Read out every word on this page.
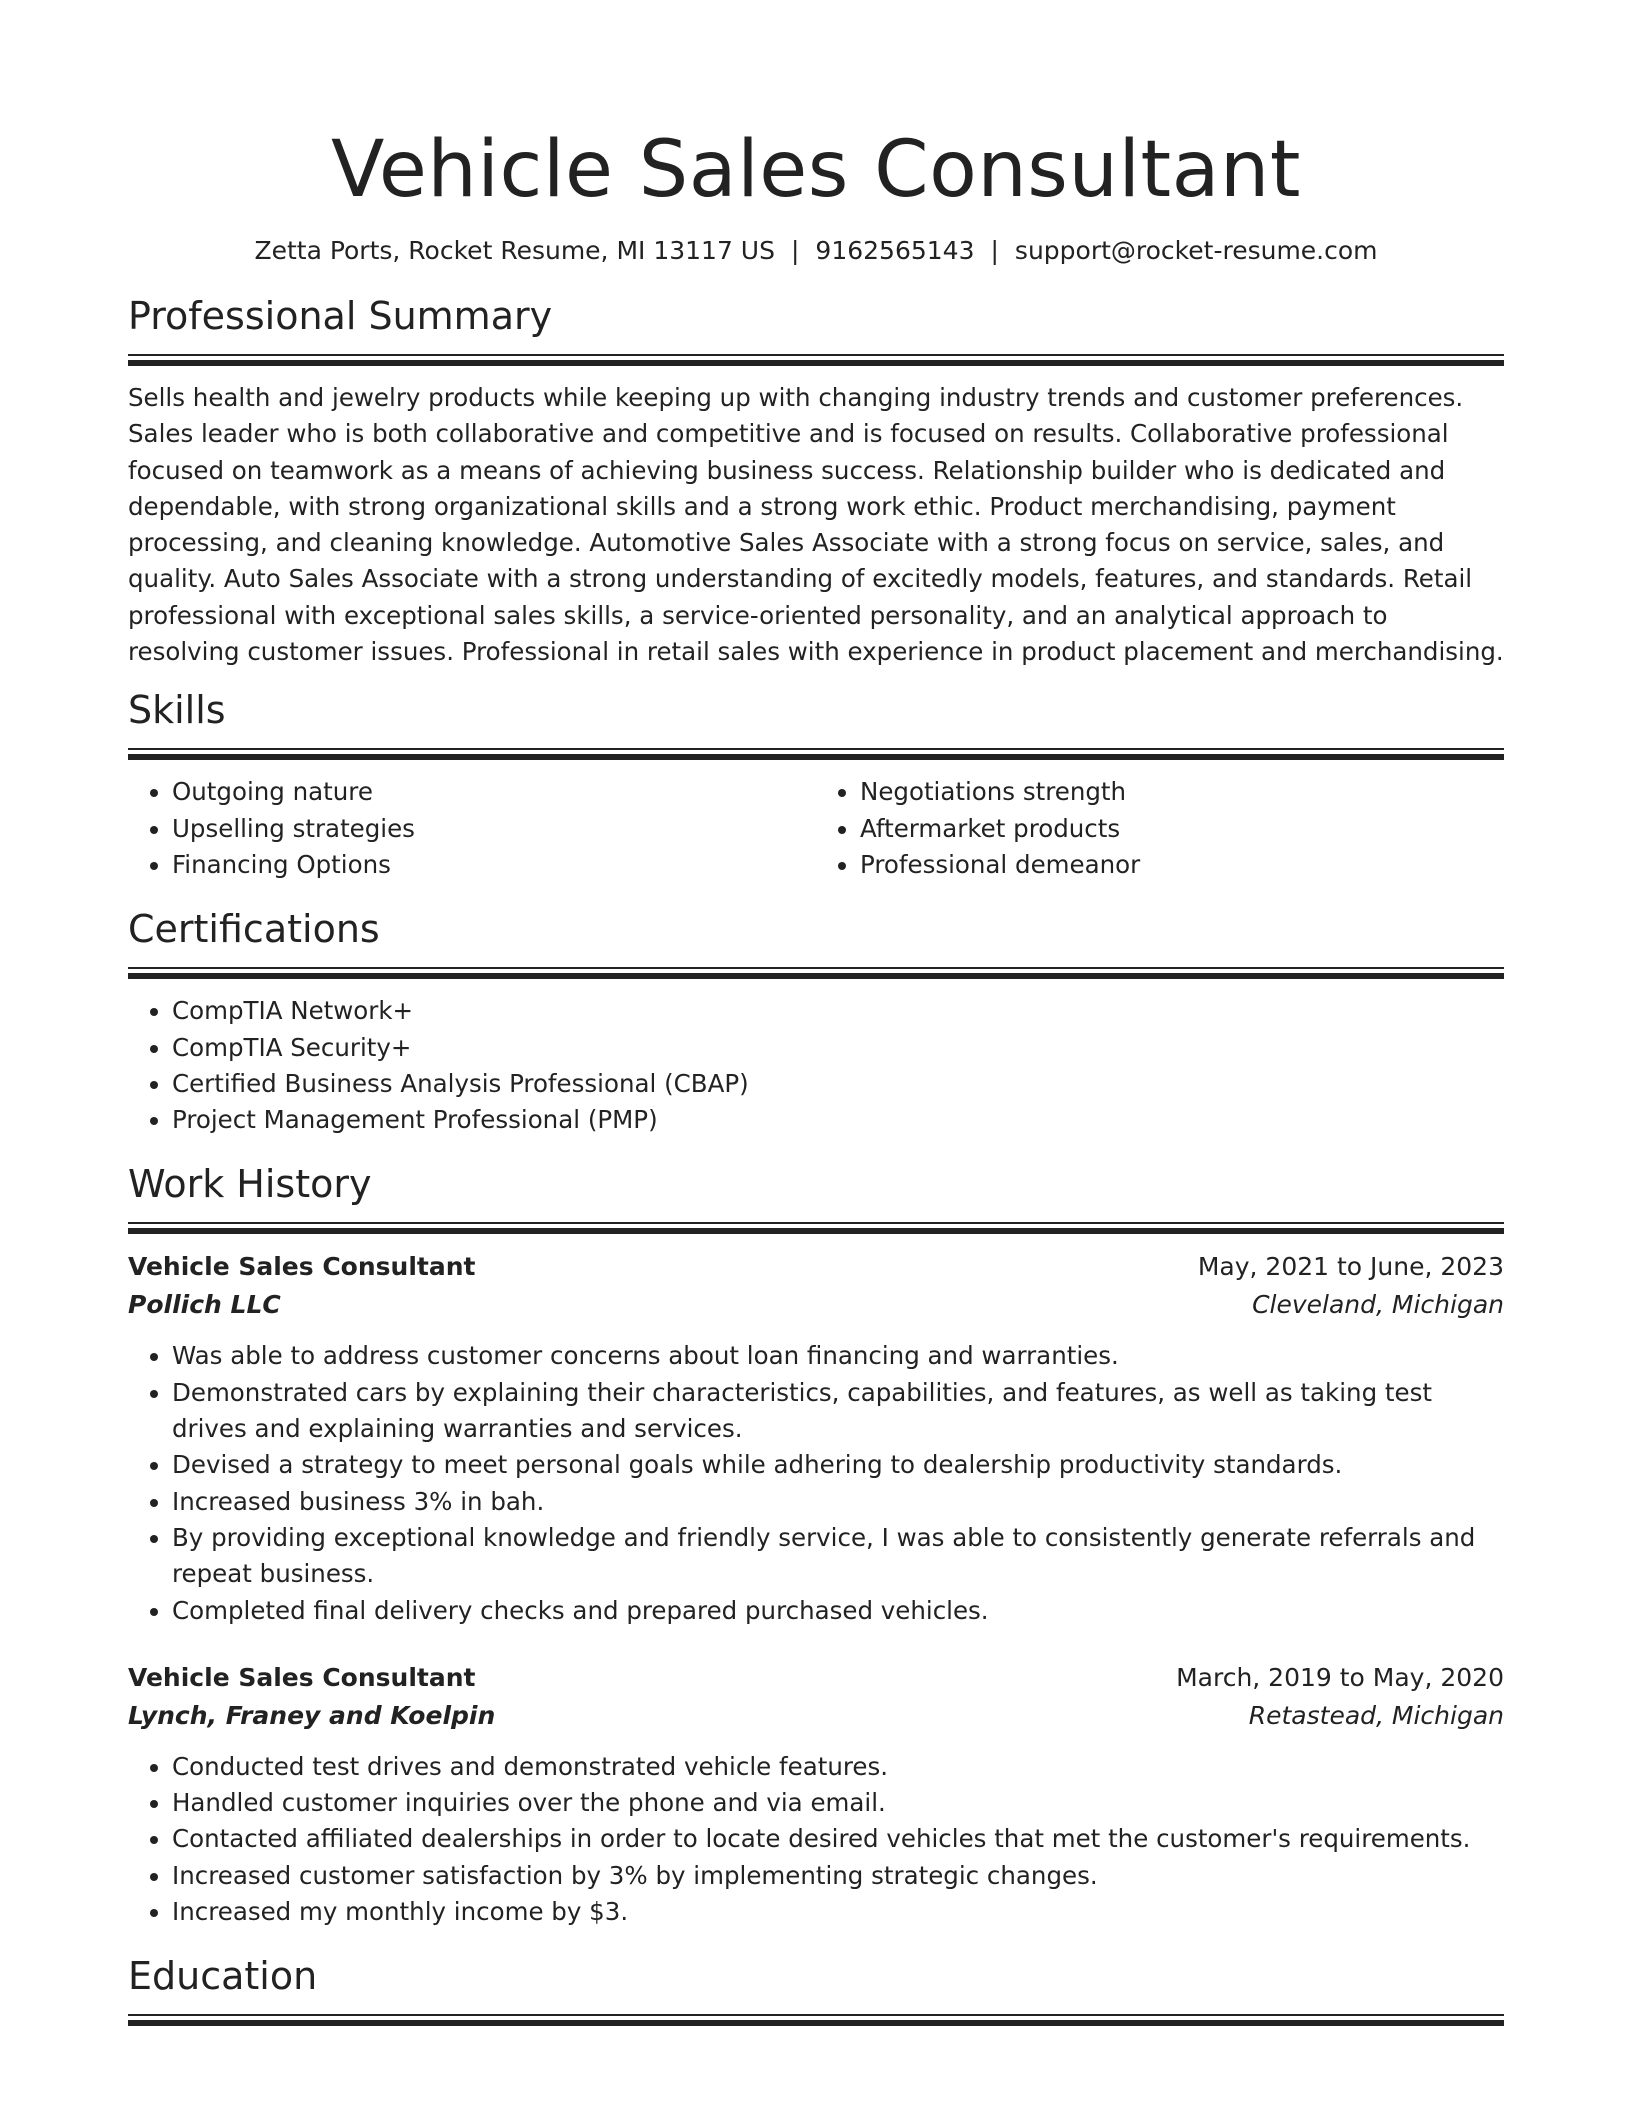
Vehicle Sales Consultant
Zetta Ports, Rocket Resume, MI 13117 US | 9162565143 | support@rocket-resume.com
Professional Summary

Sells health and jewelry products while keeping up with changing industry trends and customer preferences. Sales leader who is both collaborative and competitive and is focused on results. Collaborative professional focused on teamwork as a means of achieving business success. Relationship builder who is dedicated and dependable, with strong organizational skills and a strong work ethic. Product merchandising, payment processing, and cleaning knowledge. Automotive Sales Associate with a strong focus on service, sales, and quality. Auto Sales Associate with a strong understanding of excitedly models, features, and standards. Retail professional with exceptional sales skills, a service-oriented personality, and an analytical approach to resolving customer issues. Professional in retail sales with experience in product placement and merchandising.

Skills
• Outgoing nature
• Upselling strategies
• Financing Options
• Negotiations strength
• Aftermarket products
• Professional demeanor
Certifications
• CompTIA Network+
• CompTIA Security+
• Certified Business Analysis Professional (CBAP)
• Project Management Professional (PMP)
Work History
Vehicle Sales Consultant	May, 2021 to June, 2023
Pollich LLC	Cleveland, Michigan
• Was able to address customer concerns about loan financing and warranties.
• Demonstrated cars by explaining their characteristics, capabilities, and features, as well as taking test drives and explaining warranties and services.
• Devised a strategy to meet personal goals while adhering to dealership productivity standards.
• Increased business 3% in bah.
• By providing exceptional knowledge and friendly service, I was able to consistently generate referrals and repeat business.
• Completed final delivery checks and prepared purchased vehicles.
Vehicle Sales Consultant	March, 2019 to May, 2020
Lynch, Franey and Koelpin	Retastead, Michigan
• Conducted test drives and demonstrated vehicle features.
• Handled customer inquiries over the phone and via email.
• Contacted affiliated dealerships in order to locate desired vehicles that met the customer's requirements.
• Increased customer satisfaction by 3% by implementing strategic changes.
• Increased my monthly income by $3.
Education
